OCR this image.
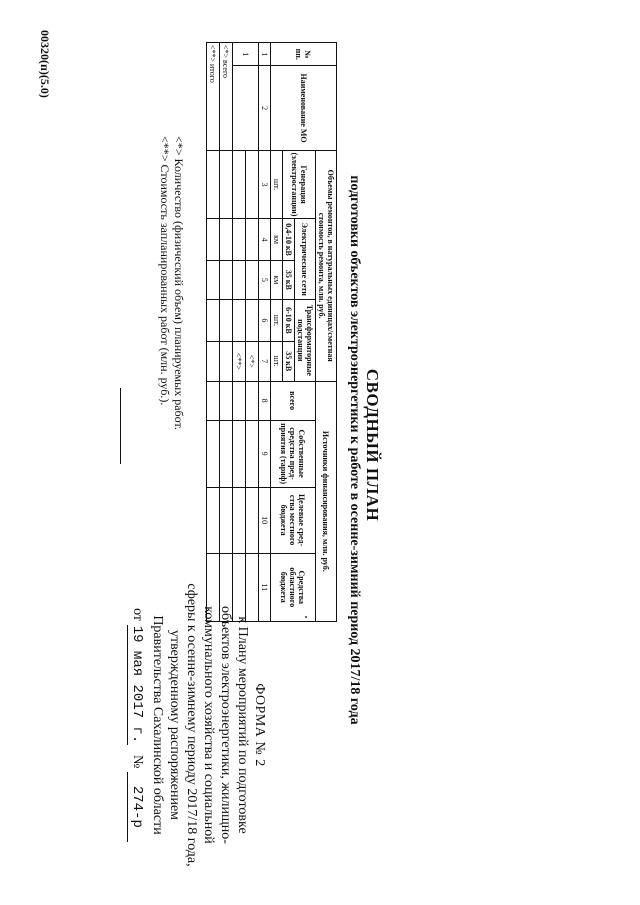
ФОРМА № 2
к Плану мероприятий по подготовке
объектов электроэнергетики, жилищно-
коммунального хозяйства и социальной
сферы к осенне-зимнему периоду 2017/18 года,
утвержденному распоряжением
Правительства Сахалинской области
от 19 мая 2017 г.   № 274-р
СВОДНЫЙ ПЛАН
подготовки объектов электроэнергетики к работе в осенне-зимний период 2017/18 года
№ пп.	Наименование МО	Объемы ремонтов, в натуральных единицах/сметная стоимость ремонта, млн. руб.					Источники финансирования, млн. руб.			
		Генерация (электростанции)	Электрические сети		Трансформаторные подстанции		всего	Собственные средства пред-приятия (тариф)	Целевые сред-ства местного бюджета	Средства областного бюджета
			0,4-10 кВ	35 кВ	6-10 кВ	35 кВ				
		шт.	км	км	шт.	шт.				
1	2	3	4	5	6	7	8	9	10	11
1						<*>				
						<**>				
<*> всего										
<**> итого										
<*> Количество (физический объем) планируемых работ.
<**> Стоимость запланированных работ (млн. руб.).
00320(п)(5.0)
